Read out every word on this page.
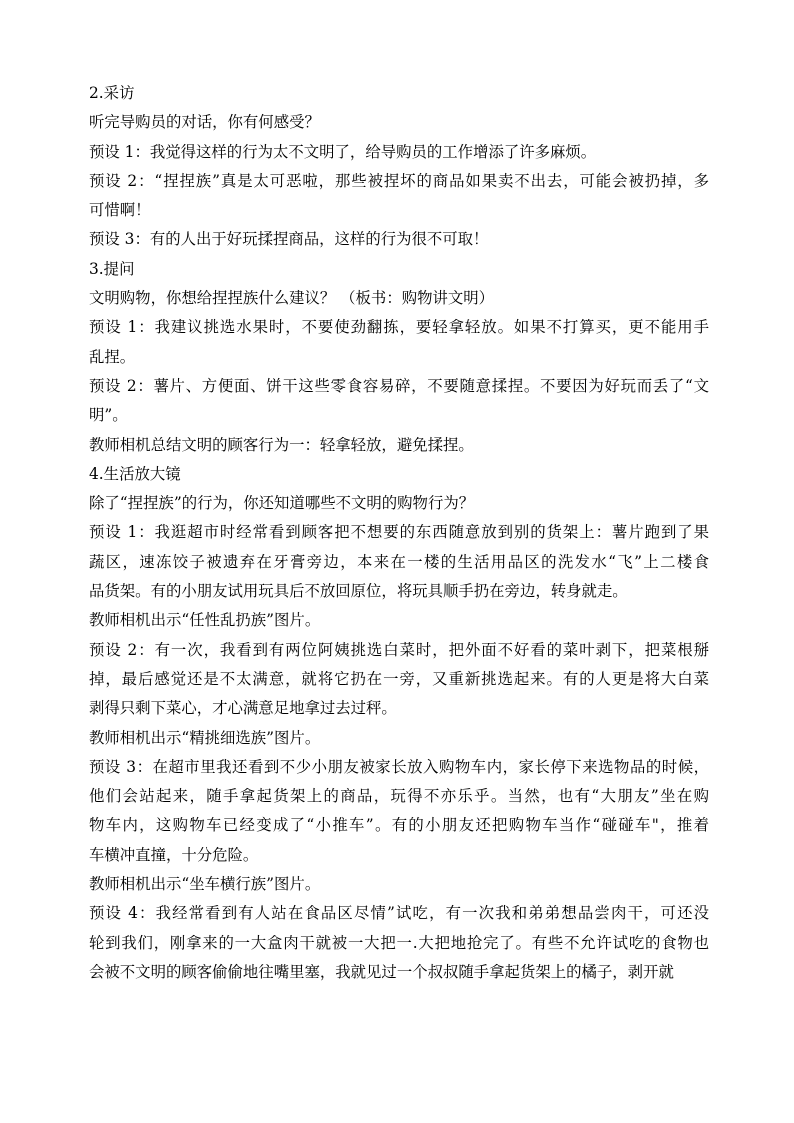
2.采访
听完导购员的对话，你有何感受？
预设 1：我觉得这样的行为太不文明了，给导购员的工作增添了许多麻烦。
预设 2：“捏捏族”真是太可恶啦，那些被捏坏的商品如果卖不出去，可能会被扔掉，多
可惜啊！
预设 3：有的人出于好玩揉捏商品，这样的行为很不可取！
3.提问
文明购物，你想给捏捏族什么建议？ （板书：购物讲文明）
预设 1：我建议挑选水果时，不要使劲翻拣，要轻拿轻放。如果不打算买，更不能用手
乱捏。
预设 2：薯片、方便面、饼干这些零食容易碎，不要随意揉捏。不要因为好玩而丢了“文
明”。
教师相机总结文明的顾客行为一：轻拿轻放，避免揉捏。
4.生活放大镜
除了“捏捏族”的行为，你还知道哪些不文明的购物行为？
预设 1：我逛超市时经常看到顾客把不想要的东西随意放到别的货架上：薯片跑到了果
蔬区，速冻饺子被遗弃在牙膏旁边，本来在一楼的生活用品区的洗发水“飞”上二楼食
品货架。有的小朋友试用玩具后不放回原位，将玩具顺手扔在旁边，转身就走。
教师相机出示“任性乱扔族”图片。
预设 2：有一次，我看到有两位阿姨挑选白菜时，把外面不好看的菜叶剥下，把菜根掰
掉，最后感觉还是不太满意，就将它扔在一旁，又重新挑选起来。有的人更是将大白菜
剥得只剩下菜心，才心满意足地拿过去过秤。
教师相机出示“精挑细选族”图片。
预设 3：在超市里我还看到不少小朋友被家长放入购物车内，家长停下来选物品的时候，
他们会站起来，随手拿起货架上的商品，玩得不亦乐乎。当然，也有“大朋友”坐在购
物车内，这购物车已经变成了“小推车”。有的小朋友还把购物车当作“碰碰车"，推着
车横冲直撞，十分危险。
教师相机出示“坐车横行族”图片。
预设 4：我经常看到有人站在食品区尽情”试吃，有一次我和弟弟想品尝肉干，可还没
轮到我们，刚拿来的一大盒肉干就被一大把一.大把地抢完了。有些不允许试吃的食物也
会被不文明的顾客偷偷地往嘴里塞，我就见过一个叔叔随手拿起货架上的橘子，剥开就
